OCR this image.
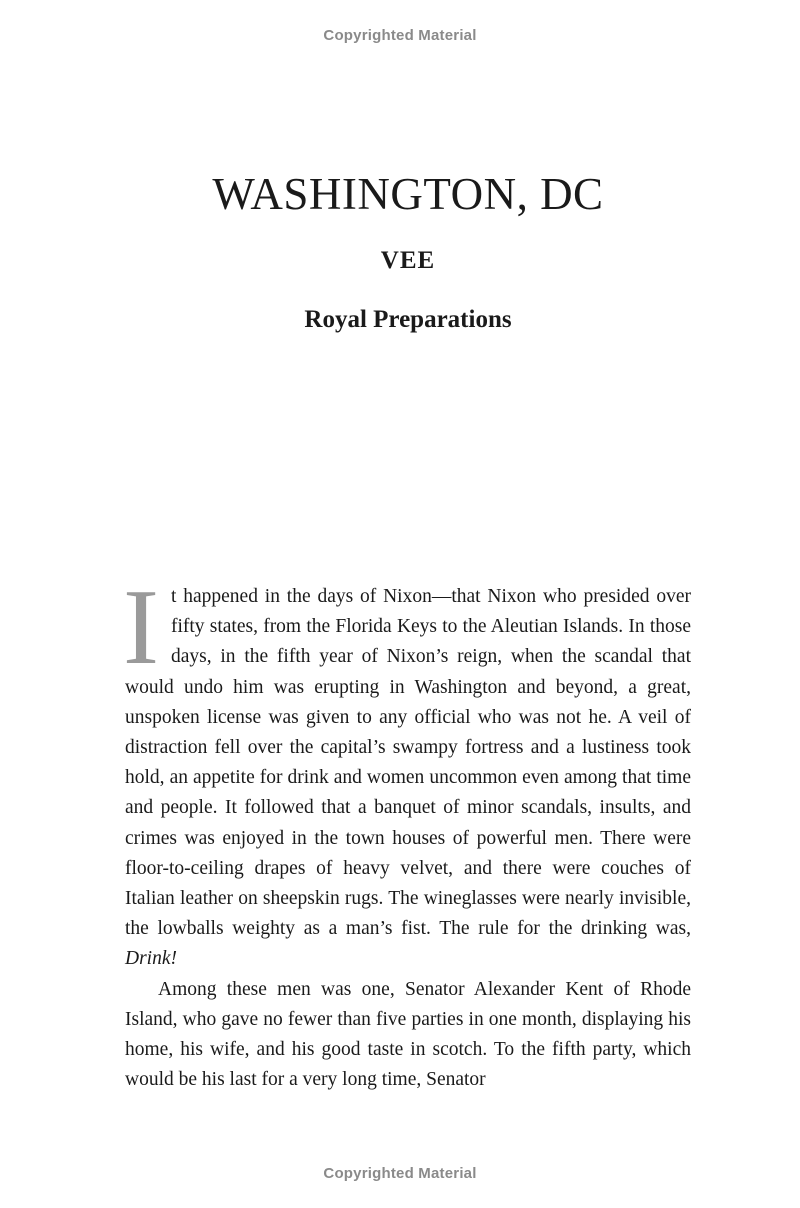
Copyrighted Material
WASHINGTON, DC
VEE
Royal Preparations

It happened in the days of Nixon—that Nixon who presided over fifty states, from the Florida Keys to the Aleutian Islands. In those days, in the fifth year of Nixon’s reign, when the scandal that would undo him was erupting in Washington and beyond, a great, unspoken license was given to any official who was not he. A veil of distraction fell over the capital’s swampy fortress and a lustiness took hold, an appetite for drink and women uncommon even among that time and people. It followed that a banquet of minor scandals, insults, and crimes was enjoyed in the town houses of powerful men. There were floor-to-ceiling drapes of heavy velvet, and there were couches of Italian leather on sheepskin rugs. The wineglasses were nearly invisible, the lowballs weighty as a man’s fist. The rule for the drinking was, Drink!

Among these men was one, Senator Alexander Kent of Rhode Island, who gave no fewer than five parties in one month, displaying his home, his wife, and his good taste in scotch. To the fifth party, which would be his last for a very long time, Senator

Copyrighted Material
